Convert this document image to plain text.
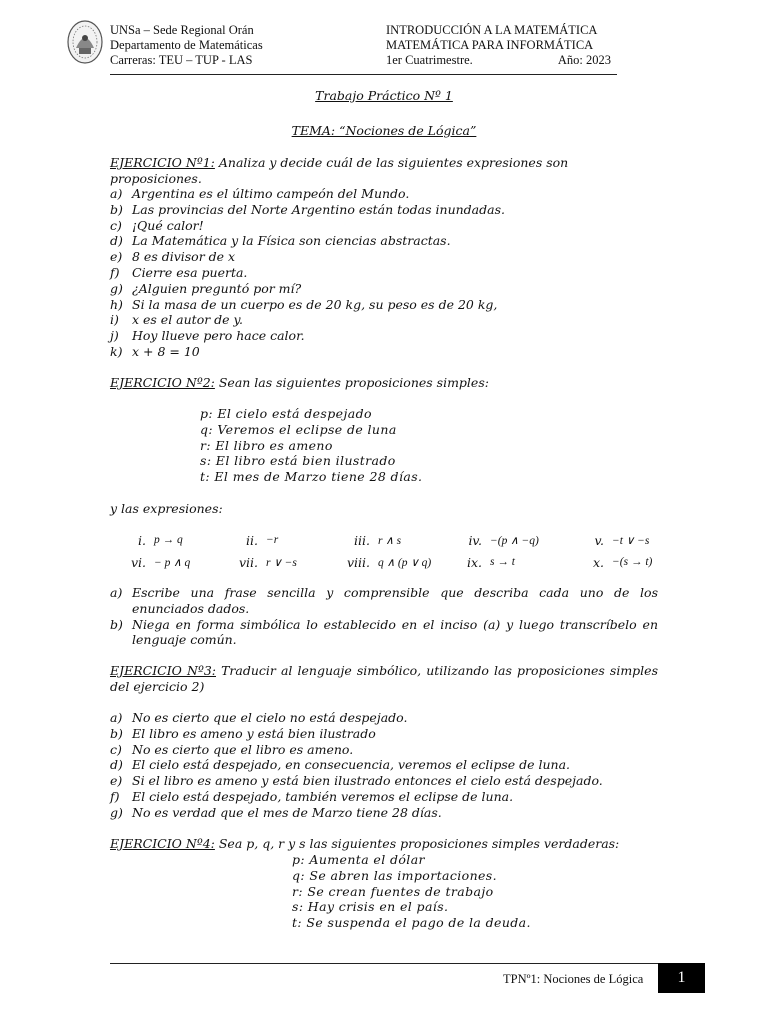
UNSa – Sede Regional Orán
Departamento de Matemáticas
Carreras: TEU – TUP - LAS
INTRODUCCIÓN A LA MATEMÁTICA
MATEMÁTICA PARA INFORMÁTICA
1er Cuatrimestre.	Año: 2023
Trabajo Práctico Nº 1
TEMA: “Nociones de Lógica”
EJERCICIO Nº1: Analiza y decide cuál de las siguientes expresiones son proposiciones.
a) Argentina es el último campeón del Mundo.
b) Las provincias del Norte Argentino están todas inundadas.
c) ¡Qué calor!
d) La Matemática y la Física son ciencias abstractas.
e) 8 es divisor de x
f) Cierre esa puerta.
g) ¿Alguien preguntó por mí?
h) Si la masa de un cuerpo es de 20 kg, su peso es de 20 kg,
i)	x es el autor de y.
j)	Hoy llueve pero hace calor.
k) x + 8 = 10
EJERCICIO Nº2: Sean las siguientes proposiciones simples:
p: El cielo está despejado
q: Veremos el eclipse de luna
r: El libro es ameno
s: El libro está bien ilustrado
t: El mes de Marzo tiene 28 días.
y las expresiones:
i. p → q	ii. −r	iii. r ∧ s	iv. −(p ∧ −q)	v. −t ∨ −s
vi. − p ∧ q	vii. r ∨ −s	viii. q ∧ (p ∨ q)	ix. s → t	x. −(s → t)
a) Escribe una frase sencilla y comprensible que describa cada uno de los enunciados dados.
b) Niega en forma simbólica lo establecido en el inciso (a) y luego transcríbelo en lenguaje común.
EJERCICIO Nº3: Traducir al lenguaje simbólico, utilizando las proposiciones simples del ejercicio 2)
a) No es cierto que el cielo no está despejado.
b) El libro es ameno y está bien ilustrado
c) No es cierto que el libro es ameno.
d) El cielo está despejado, en consecuencia, veremos el eclipse de luna.
e) Si el libro es ameno y está bien ilustrado entonces el cielo está despejado.
f) El cielo está despejado, también veremos el eclipse de luna.
g) No es verdad que el mes de Marzo tiene 28 días.
EJERCICIO Nº4: Sea p, q, r y s las siguientes proposiciones simples verdaderas:
p: Aumenta el dólar
q: Se abren las importaciones.
r: Se crean fuentes de trabajo
s: Hay crisis en el país.
t: Se suspenda el pago de la deuda.
TPNº1: Nociones de Lógica	1
